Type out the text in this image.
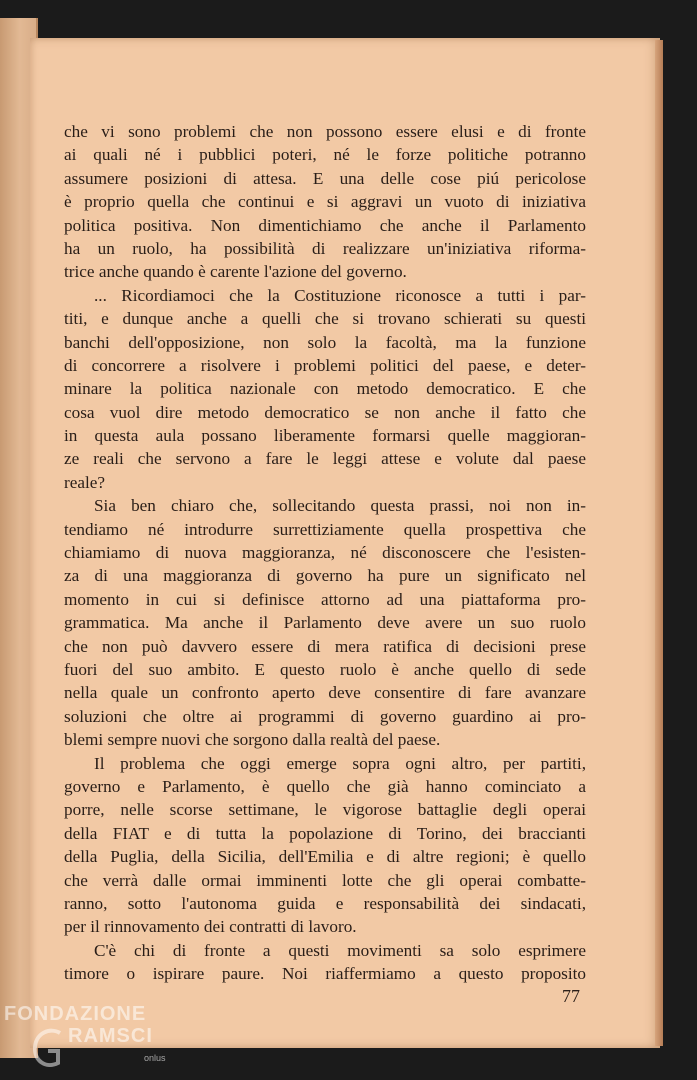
che vi sono problemi che non possono essere elusi e di fronte
ai quali né i pubblici poteri, né le forze politiche potranno
assumere posizioni di attesa. E una delle cose piú pericolose
è proprio quella che continui e si aggravi un vuoto di iniziativa
politica positiva. Non dimentichiamo che anche il Parlamento
ha un ruolo, ha possibilità di realizzare un'iniziativa riforma-
trice anche quando è carente l'azione del governo.
... Ricordiamoci che la Costituzione riconosce a tutti i par-
titi, e dunque anche a quelli che si trovano schierati su questi
banchi dell'opposizione, non solo la facoltà, ma la funzione
di concorrere a risolvere i problemi politici del paese, e deter-
minare la politica nazionale con metodo democratico. E che
cosa vuol dire metodo democratico se non anche il fatto che
in questa aula possano liberamente formarsi quelle maggioran-
ze reali che servono a fare le leggi attese e volute dal paese
reale?
Sia ben chiaro che, sollecitando questa prassi, noi non in-
tendiamo né introdurre surrettiziamente quella prospettiva che
chiamiamo di nuova maggioranza, né disconoscere che l'esisten-
za di una maggioranza di governo ha pure un significato nel
momento in cui si definisce attorno ad una piattaforma pro-
grammatica. Ma anche il Parlamento deve avere un suo ruolo
che non può davvero essere di mera ratifica di decisioni prese
fuori del suo ambito. E questo ruolo è anche quello di sede
nella quale un confronto aperto deve consentire di fare avanzare
soluzioni che oltre ai programmi di governo guardino ai pro-
blemi sempre nuovi che sorgono dalla realtà del paese.
Il problema che oggi emerge sopra ogni altro, per partiti,
governo e Parlamento, è quello che già hanno cominciato a
porre, nelle scorse settimane, le vigorose battaglie degli operai
della FIAT e di tutta la popolazione di Torino, dei braccianti
della Puglia, della Sicilia, dell'Emilia e di altre regioni; è quello
che verrà dalle ormai imminenti lotte che gli operai combatte-
ranno, sotto l'autonoma guida e responsabilità dei sindacati,
per il rinnovamento dei contratti di lavoro.
C'è chi di fronte a questi movimenti sa solo esprimere
timore o ispirare paure. Noi riaffermiamo a questo proposito
77
FONDAZIONE
RAMSCI
onlus
